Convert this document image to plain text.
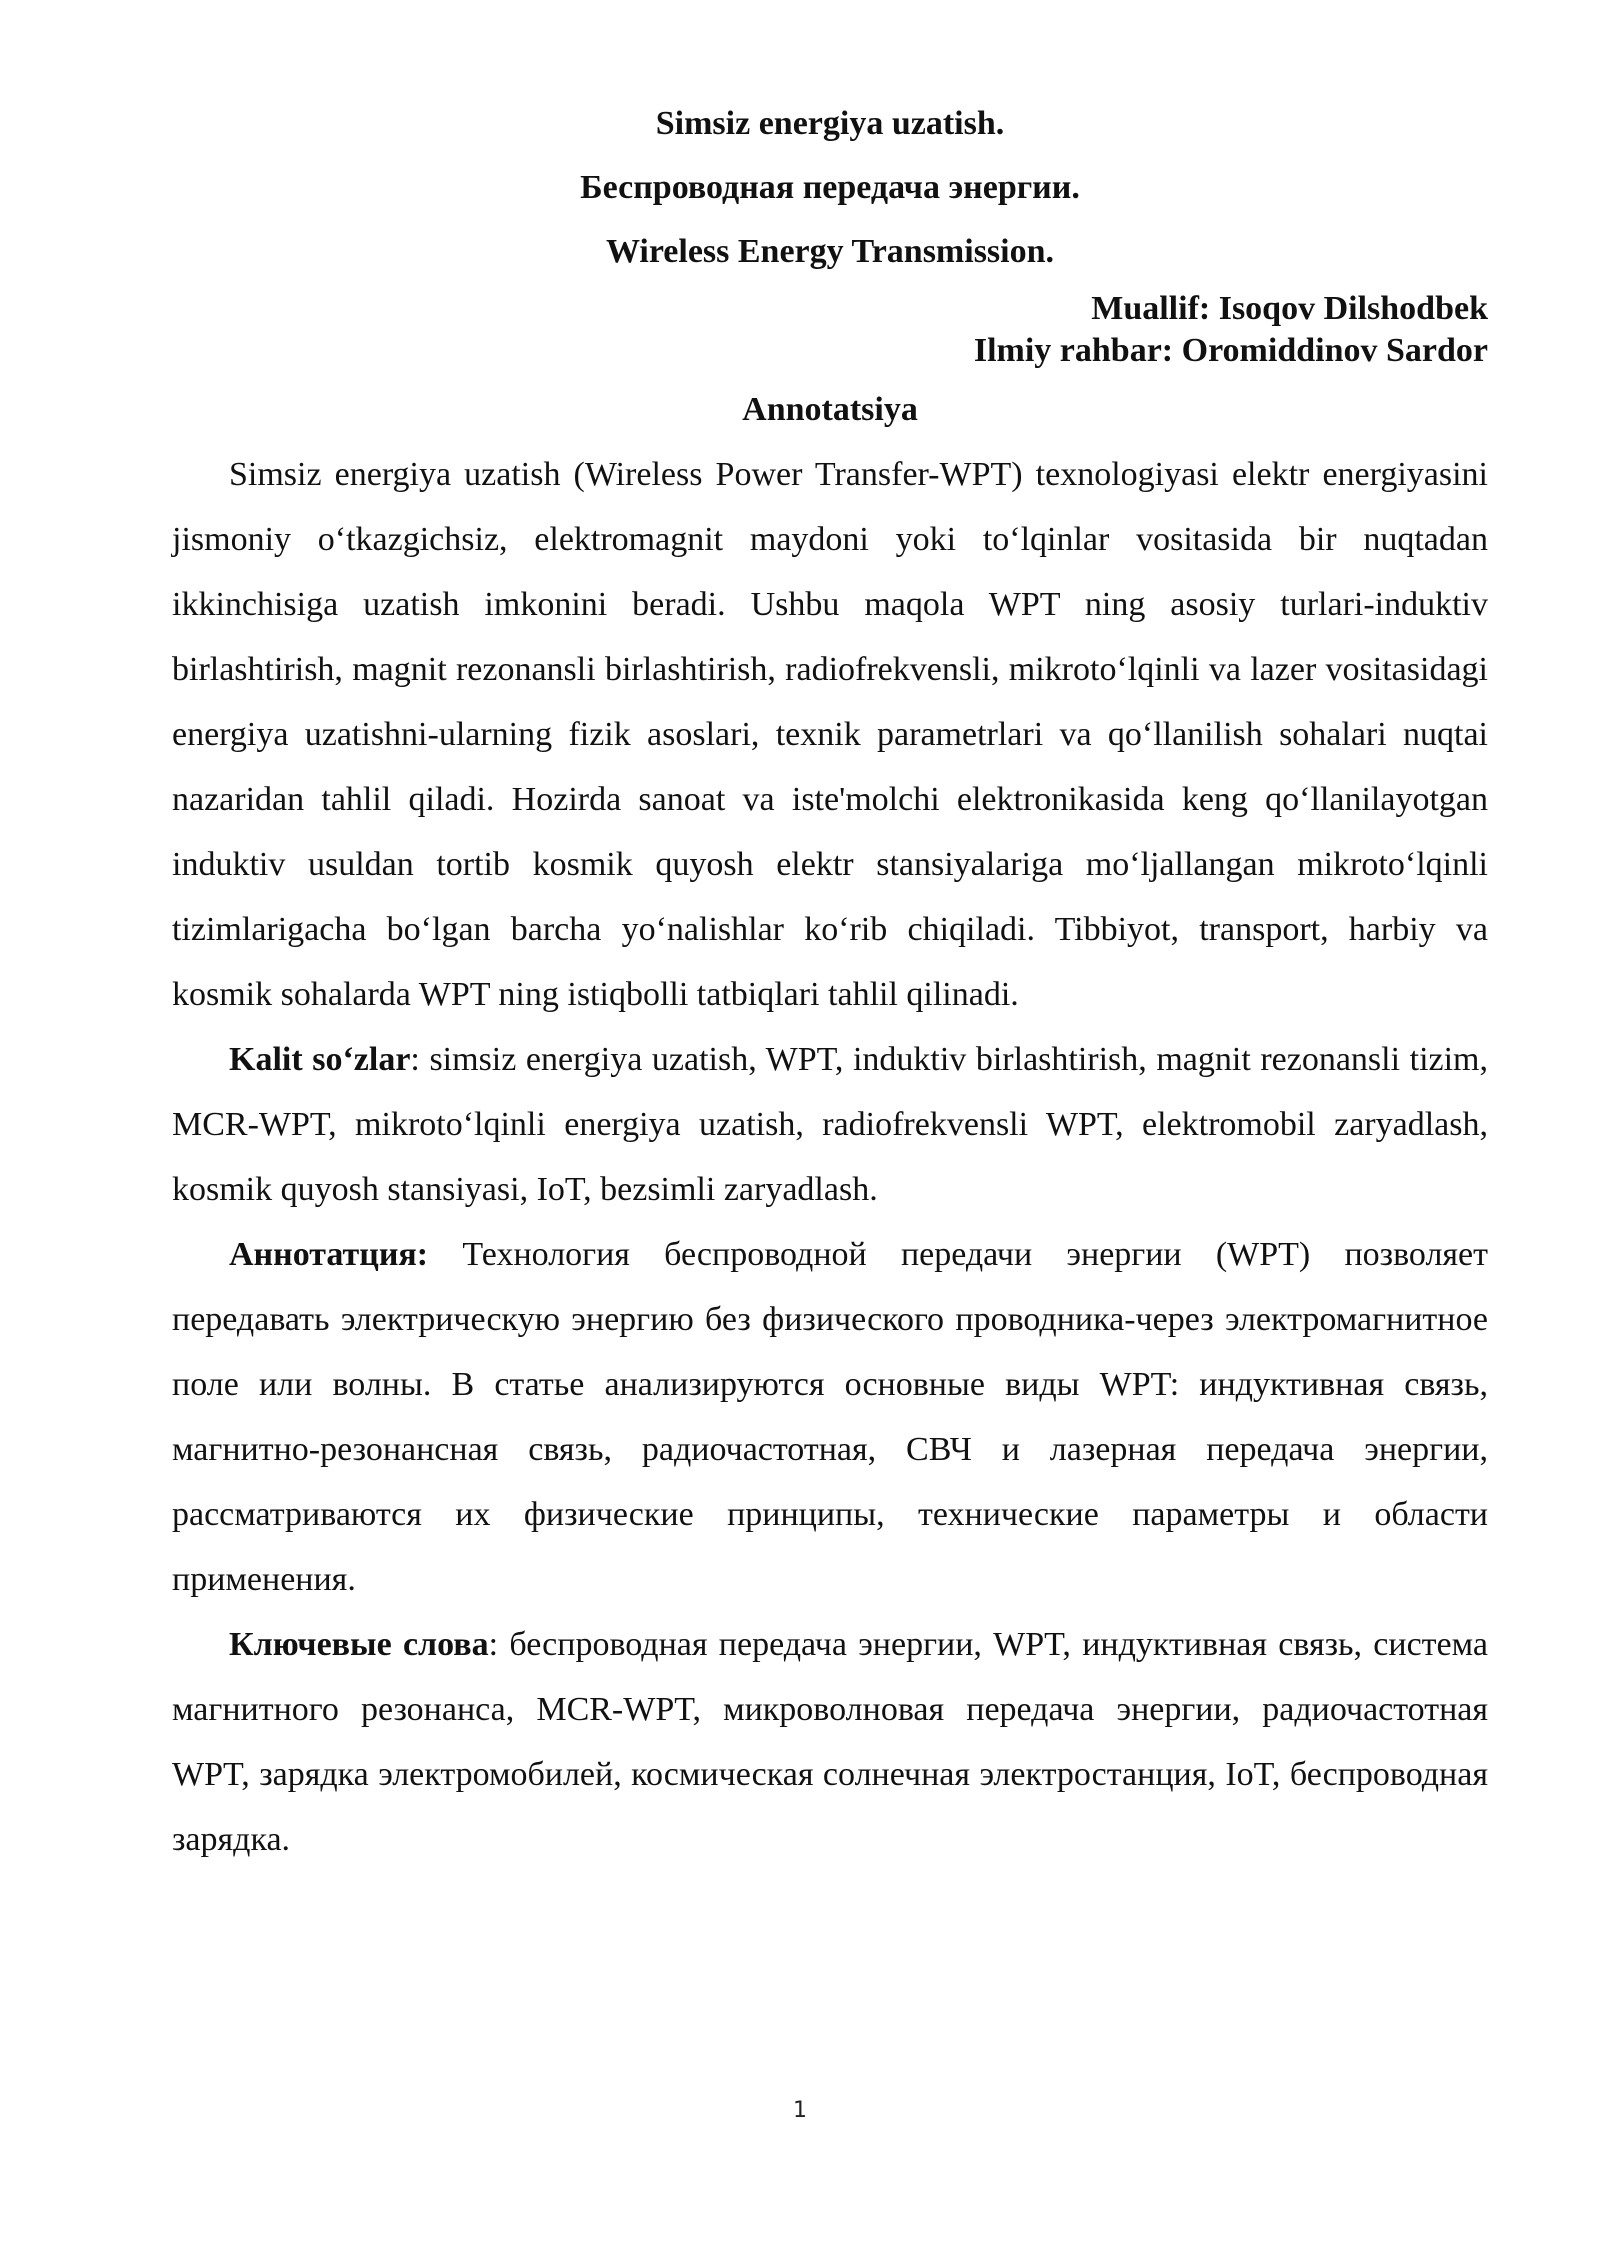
Simsiz energiya uzatish.

Беспроводная передача энергии.

Wireless Energy Transmission.

Muallif: Isoqov Dilshodbek
Ilmiy rahbar: Oromiddinov Sardor
Annotatsiya

Simsiz energiya uzatish (Wireless Power Transfer-WPT) texnologiyasi elektr energiyasini jismoniy o‘tkazgichsiz, elektromagnit maydoni yoki to‘lqinlar vositasida bir nuqtadan ikkinchisiga uzatish imkonini beradi. Ushbu maqola WPT ning asosiy turlari-induktiv birlashtirish, magnit rezonansli birlashtirish, radiofrekvensli, mikroto‘lqinli va lazer vositasidagi energiya uzatishni-ularning fizik asoslari, texnik parametrlari va qo‘llanilish sohalari nuqtai nazaridan tahlil qiladi. Hozirda sanoat va iste'molchi elektronikasida keng qo‘llanilayotgan induktiv usuldan tortib kosmik quyosh elektr stansiyalariga mo‘ljallangan mikroto‘lqinli tizimlarigacha bo‘lgan barcha yo‘nalishlar ko‘rib chiqiladi. Tibbiyot, transport, harbiy va kosmik sohalarda WPT ning istiqbolli tatbiqlari tahlil qilinadi.

Kalit so‘zlar: simsiz energiya uzatish, WPT, induktiv birlashtirish, magnit rezonansli tizim, MCR-WPT, mikroto‘lqinli energiya uzatish, radiofrekvensli WPT, elektromobil zaryadlash, kosmik quyosh stansiyasi, IoT, bezsimli zaryadlash.

Аннотатция: Технология беспроводной передачи энергии (WPT) позволяет передавать электрическую энергию без физического проводника-через электромагнитное поле или волны. В статье анализируются основные виды WPT: индуктивная связь, магнитно-резонансная связь, радиочастотная, СВЧ и лазерная передача энергии, рассматриваются их физические принципы, технические параметры и области применения.

Ключевые слова: беспроводная передача энергии, WPT, индуктивная связь, система магнитного резонанса, MCR-WPT, микроволновая передача энергии, радиочастотная WPT, зарядка электромобилей, космическая солнечная электростанция, IoT, беспроводная зарядка.

1
